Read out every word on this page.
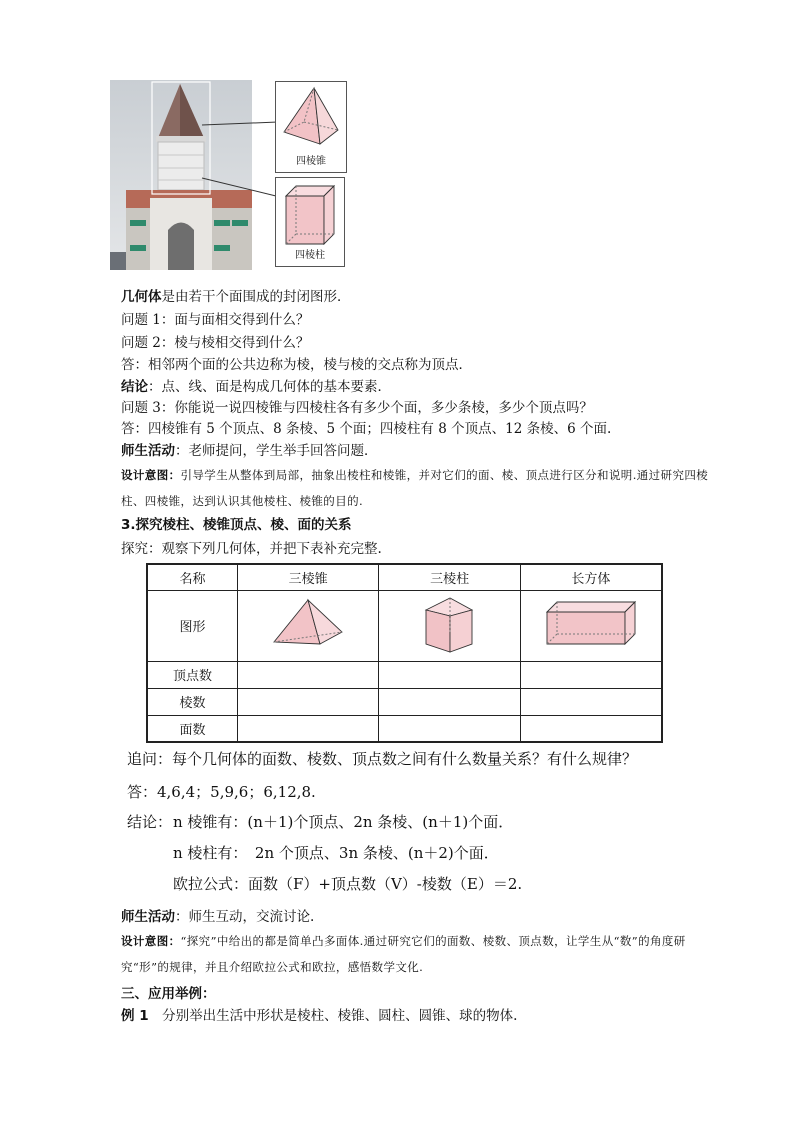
四棱锥
四棱柱
几何体是由若干个面围成的封闭图形．
问题 1：面与面相交得到什么？
问题 2：棱与棱相交得到什么？
答：相邻两个面的公共边称为棱，棱与棱的交点称为顶点．
结论：点、线、面是构成几何体的基本要素．
问题 3：你能说一说四棱锥与四棱柱各有多少个面，多少条棱，多少个顶点吗？
答：四棱锥有 5 个顶点、8 条棱、5 个面；四棱柱有 8 个顶点、12 条棱、6 个面.
师生活动：老师提问，学生举手回答问题．
设计意图：引导学生从整体到局部，抽象出棱柱和棱锥，并对它们的面、棱、顶点进行区分和说明.通过研究四棱柱、四棱锥，达到认识其他棱柱、棱锥的目的.
3.探究棱柱、棱锥顶点、棱、面的关系
探究：观察下列几何体，并把下表补充完整.
名称	三棱锥	三棱柱	长方体
图形			
顶点数			
棱数			
面数			
追问：每个几何体的面数、棱数、顶点数之间有什么数量关系？有什么规律？
答：4,6,4；5,9,6；6,12,8.
结论： n 棱锥有：(n＋1)个顶点、2n 条棱、(n＋1)个面．
n 棱柱有：　2n 个顶点、3n 条棱、(n＋2)个面．
欧拉公式：面数（F）+顶点数（V）-棱数（E）＝2.
师生活动：师生互动，交流讨论.
设计意图：“探究”中给出的都是简单凸多面体.通过研究它们的面数、棱数、顶点数，让学生从“数”的角度研究“形”的规律，并且介绍欧拉公式和欧拉，感悟数学文化.
三、应用举例：
例 1　分别举出生活中形状是棱柱、棱锥、圆柱、圆锥、球的物体.
